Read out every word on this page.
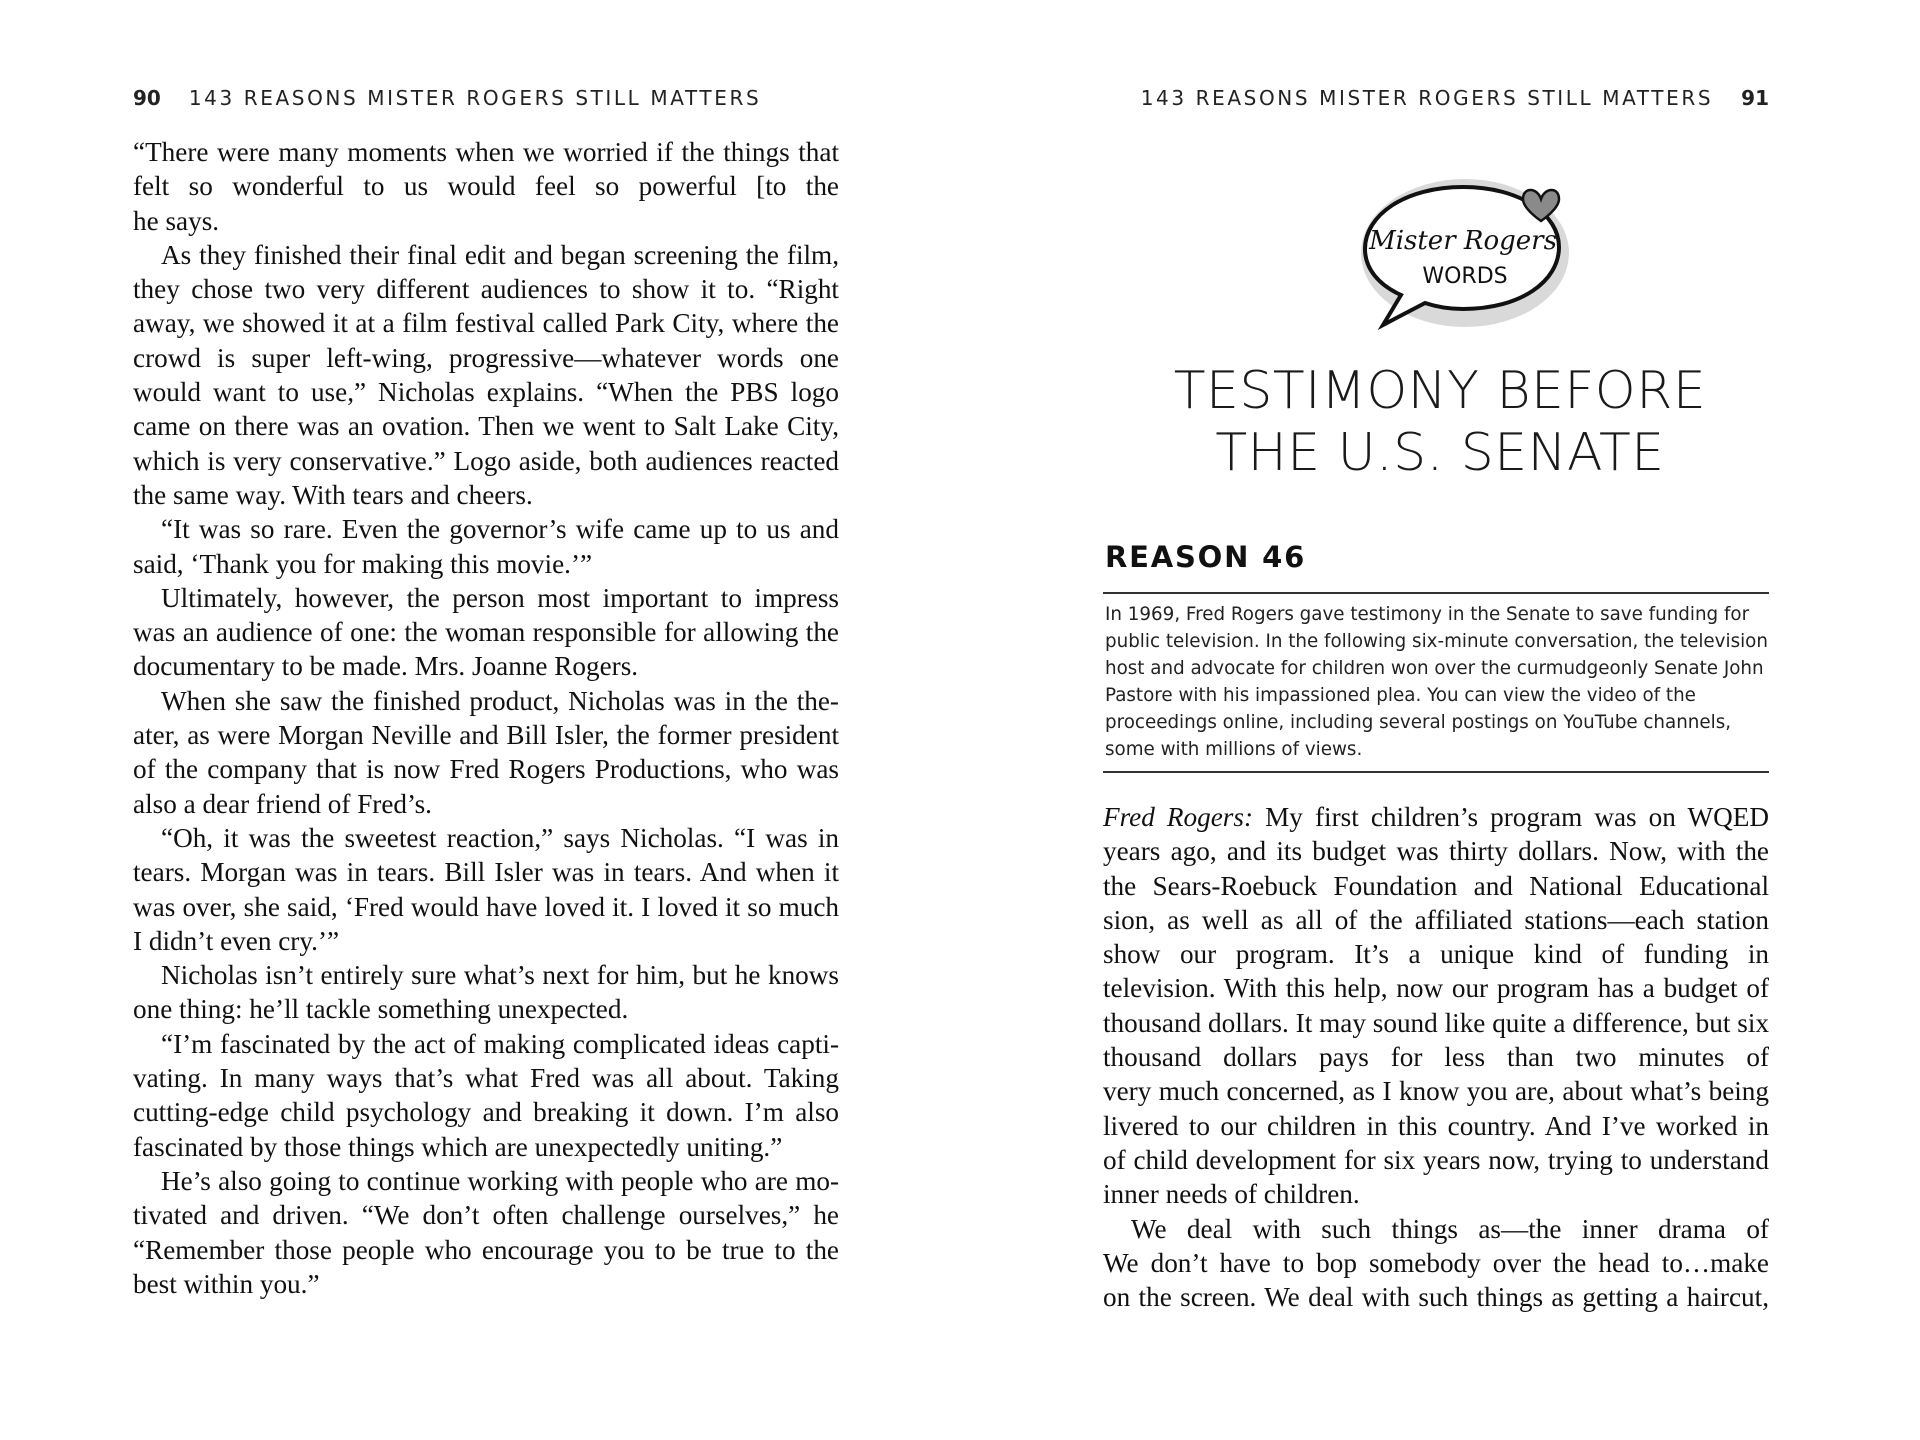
90 143 REASONS MISTER ROGERS STILL MATTERS
“There were many moments when we worried if the things that
felt so wonderful to us would feel so powerful [to the
he says.
As they finished their final edit and began screening the film,
they chose two very different audiences to show it to. “Right
away, we showed it at a film festival called Park City, where the
crowd is super left-wing, progressive—whatever words one
would want to use,” Nicholas explains. “When the PBS logo
came on there was an ovation. Then we went to Salt Lake City,
which is very conservative.” Logo aside, both audiences reacted
the same way. With tears and cheers.
“It was so rare. Even the governor’s wife came up to us and
said, ‘Thank you for making this movie.’”
Ultimately, however, the person most important to impress
was an audience of one: the woman responsible for allowing the
documentary to be made. Mrs. Joanne Rogers.
When she saw the finished product, Nicholas was in the the-
ater, as were Morgan Neville and Bill Isler, the former president
of the company that is now Fred Rogers Productions, who was
also a dear friend of Fred’s.
“Oh, it was the sweetest reaction,” says Nicholas. “I was in
tears. Morgan was in tears. Bill Isler was in tears. And when it
was over, she said, ‘Fred would have loved it. I loved it so much
I didn’t even cry.’”
Nicholas isn’t entirely sure what’s next for him, but he knows
one thing: he’ll tackle something unexpected.
“I’m fascinated by the act of making complicated ideas capti-
vating. In many ways that’s what Fred was all about. Taking
cutting-edge child psychology and breaking it down. I’m also
fascinated by those things which are unexpectedly uniting.”
He’s also going to continue working with people who are mo-
tivated and driven. “We don’t often challenge ourselves,” he
“Remember those people who encourage you to be true to the
best within you.”
143 REASONS MISTER ROGERS STILL MATTERS 91
Mister Rogers
WORDS
TESTIMONY BEFORE
THE U.S. SENATE
REASON 46
In 1969, Fred Rogers gave testimony in the Senate to save funding for
public television. In the following six-minute conversation, the television
host and advocate for children won over the curmudgeonly Senate John
Pastore with his impassioned plea. You can view the video of the
proceedings online, including several postings on YouTube channels,
some with millions of views.
Fred Rogers: My first children’s program was on WQED
years ago, and its budget was thirty dollars. Now, with the
the Sears-Roebuck Foundation and National Educational
sion, as well as all of the affiliated stations—each station
show our program. It’s a unique kind of funding in
television. With this help, now our program has a budget of
thousand dollars. It may sound like quite a difference, but six
thousand dollars pays for less than two minutes of
very much concerned, as I know you are, about what’s being
livered to our children in this country. And I’ve worked in
of child development for six years now, trying to understand
inner needs of children.
We deal with such things as—the inner drama of
We don’t have to bop somebody over the head to…make
on the screen. We deal with such things as getting a haircut,
